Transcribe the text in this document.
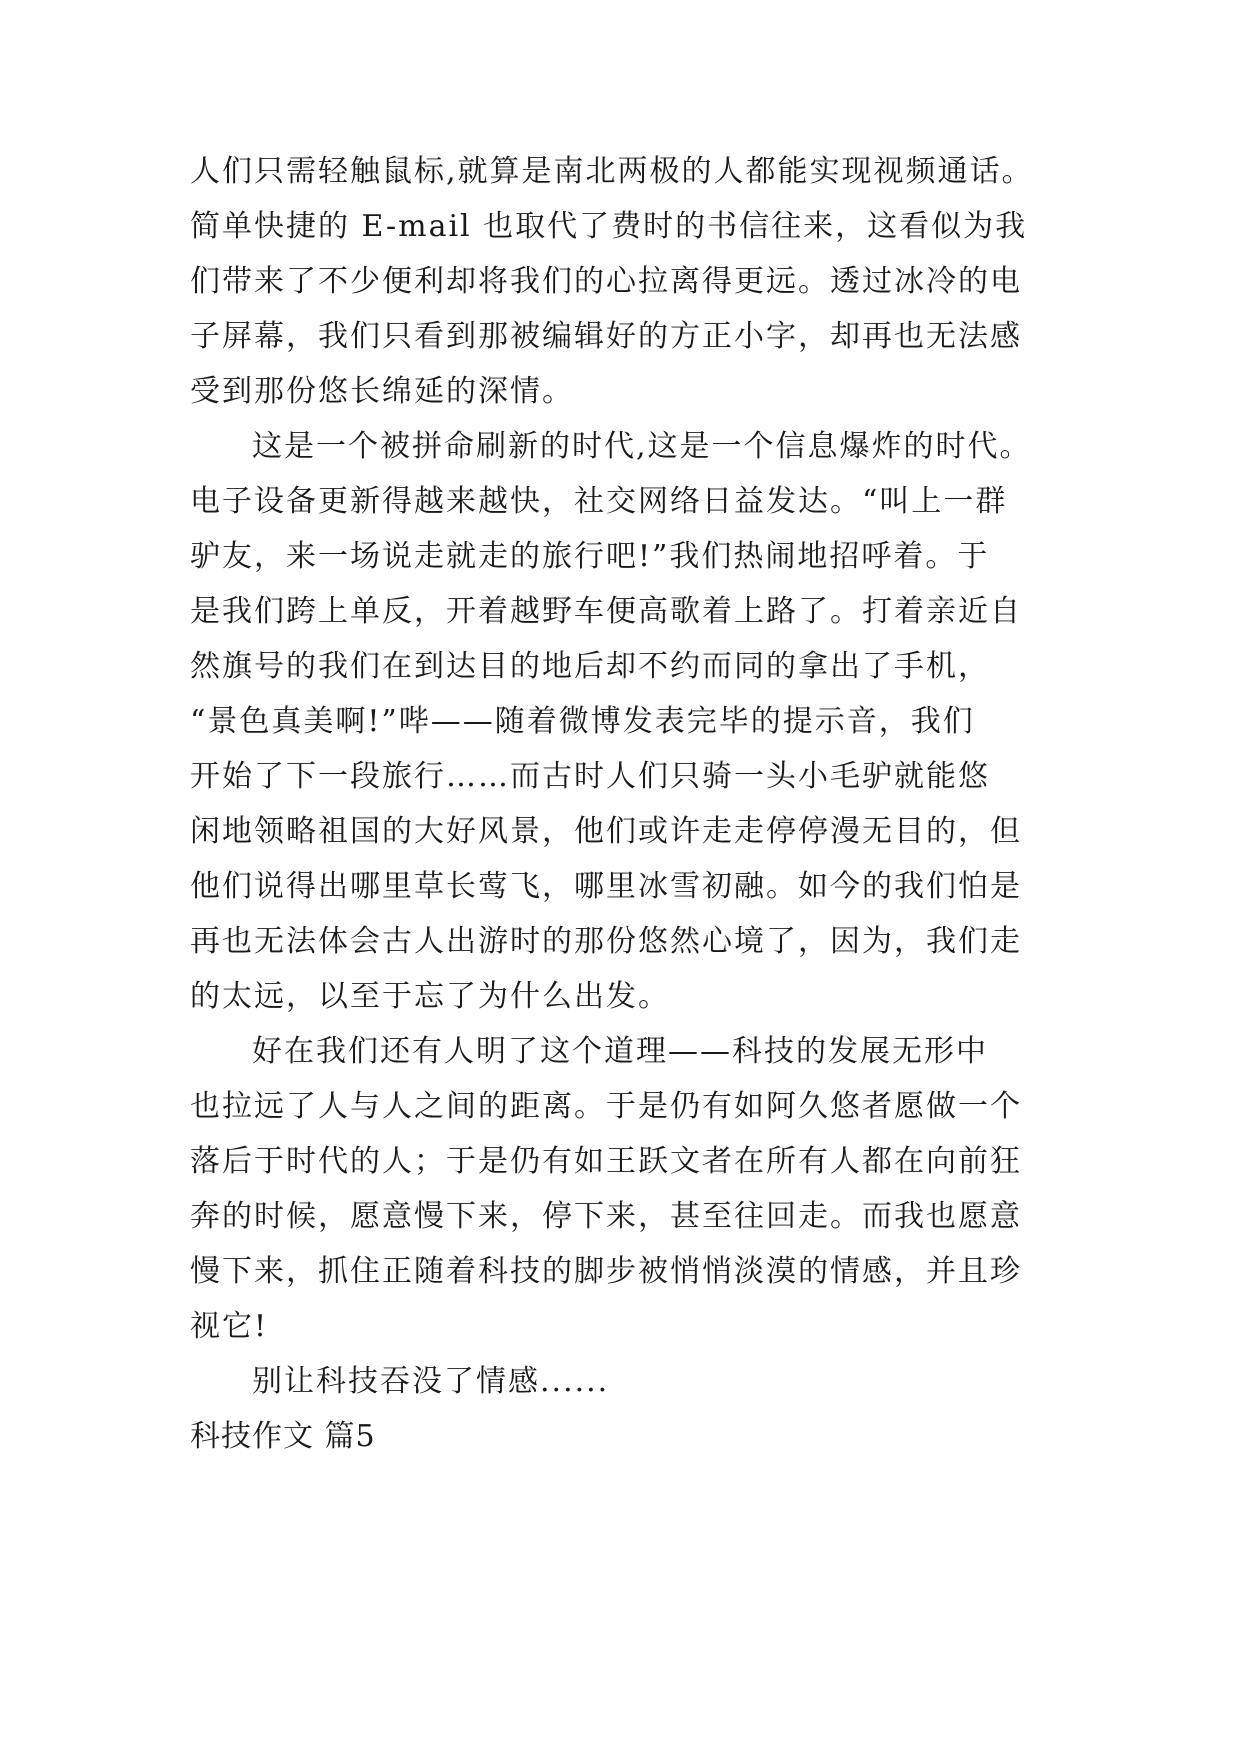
人们只需轻触鼠标,就算是南北两极的人都能实现视频通话。
简单快捷的 E-mail 也取代了费时的书信往来，这看似为我
们带来了不少便利却将我们的心拉离得更远。透过冰冷的电
子屏幕，我们只看到那被编辑好的方正小字，却再也无法感
受到那份悠长绵延的深情。
这是一个被拼命刷新的时代,这是一个信息爆炸的时代。
电子设备更新得越来越快，社交网络日益发达。“叫上一群
驴友，来一场说走就走的旅行吧!”我们热闹地招呼着。于
是我们跨上单反，开着越野车便高歌着上路了。打着亲近自
然旗号的我们在到达目的地后却不约而同的拿出了手机，
“景色真美啊!”哔——随着微博发表完毕的提示音，我们
开始了下一段旅行……而古时人们只骑一头小毛驴就能悠
闲地领略祖国的大好风景，他们或许走走停停漫无目的，但
他们说得出哪里草长莺飞，哪里冰雪初融。如今的我们怕是
再也无法体会古人出游时的那份悠然心境了，因为，我们走
的太远，以至于忘了为什么出发。
好在我们还有人明了这个道理——科技的发展无形中
也拉远了人与人之间的距离。于是仍有如阿久悠者愿做一个
落后于时代的人；于是仍有如王跃文者在所有人都在向前狂
奔的时候，愿意慢下来，停下来，甚至往回走。而我也愿意
慢下来，抓住正随着科技的脚步被悄悄淡漠的情感，并且珍
视它!
别让科技吞没了情感......
科技作文 篇5
